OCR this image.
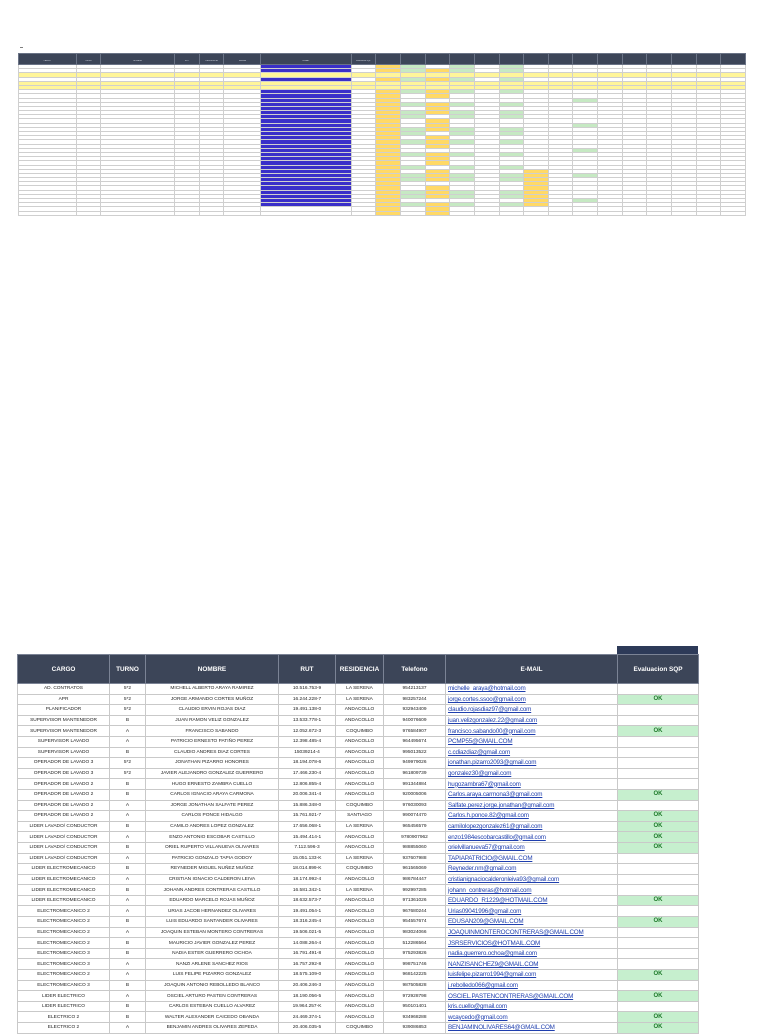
CARGO	TURNO	NOMBRE	RUT	RESIDENCIA	Telefono	E-MAIL	Evaluacion SQP															

CARGO	TURNO	NOMBRE	RUT	RESIDENCIA	Telefono	E-MAIL	Evaluacion SQP
AD. CONTRATOS	5*2	MICHELL ALBERTO ARAYA RAMIREZ	10.516.753-9	LA SERENA	954213137	michelle_araya@hotmail.com	
APR	5*2	JORGE ARMANDO CORTES MUÑOZ	16.244.228-7	LA SERENA	983257244	jorge.cortes.ssoo@gmail.com	OK
PLANIFICADOR	5*2	CLAUDIO ERVIN ROJAS DIAZ	19.491.138-0	ANDACOLLO	932943409	claudio.rojasdiaz97@gmail.com	
SUPERVISOR MANTENEDOR	B	JUAN RAMON VELIZ GONZALEZ	13.533.778-1	ANDACOLLO	940076609	juan.velizgonzalez.22@gmail.com	
SUPERVISOR MANTENEDOR	A	FRANCISCO SABANDO	12.052.672-3	COQUIMBO	976584907	francisco.sabando00@gmail.com	OK
SUPERVISOR LAVADO	A	PATRICIO ERNESTO PATIÑO PEREZ	12.398.485-4	ANDACOLLO	964495674	PCMP55@GMAIL.COM	
SUPERVISOR LAVADO	B	CLAUDIO ANDRES DIAZ CORTES	15039214-4	ANDACOLLO	995013522	c.cdiazdiaz@gmail.com	
OPERADOR DE LAVADO 3	5*2	JONATHAN PIZARRO HONORES	18.194.078-6	ANDACOLLO	949979026	jonathan.pizarro2093@gmail.com	
OPERADOR DE LAVADO 3	5*2	JAVIER ALEJANDRO GONZALEZ GUERRERO	17.466.230-4	ANDACOLLO	961809739	gonzalez30@gmail.com	
OPERADOR DE LAVADO 2	B	HUGO ERNESTO ZAMBRA CUELLO	12.806.855-4	ANDACOLLO	991344884	hugozambra67@gmail.com	
OPERADOR DE LAVADO 2	B	CARLOS IGNACIO ARAYA CARMONA	20.006.341-4	ANDACOLLO	920005006	Carlos.araya.carmona3@gmail.com	OK
OPERADOR DE LAVADO 2	A	JORGE JONATHAN SALFATE PEREZ	15.886.348-0	COQUIMBO	976030093	Salfate.perez.jorge.jonathan@gmail.com	
OPERADOR DE LAVADO 2	A	CARLOS PONCE HIDALGO	15.761.921-7	SANTIAGO	990074470	Carlos.h.ponce.82@gmail.com	OK
LIDER LAVADO/ CONDUCTOR	B	CAMILO ANDRES LOPEZ GONZALEZ	17.656.068-1	LA SERENA	965456579	camilolopezgonzalez61@gmail.com	OK
LIDER LAVADO/ CONDUCTOR	A	ENZO ANTONIO ESCOBAR CASTILLO	15.494.414-1	ANDACOLLO	978090796​2	enzo1984escobarcastillo@gmail.com	OK
LIDER LAVADO/ CONDUCTOR	B	ORIEL RUPERTO VILLANUEVA OLIVARES	7.112.596-3	ANDACOLLO	988855060	orielvillanueva57@gmail.com	OK
LIDER LAVADO/ CONDUCTOR	A	PATRICIO GONZALO TAPIA GODOY	15.051.133-K	LA SERENA	937607988	TAPIAPATRICIO@GMAIL.COM	
LIDER ELECTROMECANICO	B	REYNEDER MIGUEL NUÑEZ MUÑOZ	18.014.899-K	COQUIMBO	961565069	Reyneder.nm@gmail.com	
LIDER ELECTROMECANICO	A	CRISTIAN IGNACIO CALDERON LEIVA	18.174.992-4	ANDACOLLO	986784447	cristianignaciocalderonleiva93@gmail.com	
LIDER ELECTROMECANICO	B	JOHANN ANDRES CONTRERAS CASTILLO	16.581.342-1	LA SERENA	992997285	johann_contreras@hotmail.com	
LIDER ELECTROMECANICO	A	EDUARDO MARCELO ROJAS MUÑOZ	18.632.573-7	ANDACOLLO	971361026	EDUARDO_R1229@HOTMAIL.COM	OK
ELECTROMECANICO 2	A	URIAS JACOB HERNANDEZ OLIVARES	19.491.054-1	ANDACOLLO	967680244	Urias09041996@gmail.com	
ELECTROMECANICO 2	B	LUIS EDUARDO SANTANDER OLIVARES	18.316.245-4	ANDACOLLO	954557674	EDUSAN209@GMAIL.COM	OK
ELECTROMECANICO 2	A	JOAQUIN ESTEBAN MONTERO CONTRERAS	19.506.021-5	ANDACOLLO	983024066	JOAQUINMONTEROCONTRERAS@GMAIL.COM	
ELECTROMECANICO 2	B	MAURICIO JAVIER GONZALEZ PEREZ	14.088.264-4	ANDACOLLO	512286564	JSRSERVICIOS@HOTMAIL.COM	
ELECTROMECANICO 3	B	NADIA ESTER GUERRERO OCHOA	16.791.491-8	ANDACOLLO	975293826	nadia.guerrero.ochoa@gmail.com	
ELECTROMECANICO 3	A	NANZI ARLENE SANCHEZ RIOS	16.757.292-8	ANDACOLLO	998751746	NANZISANCHEZ9@GMAIL.COM	
ELECTROMECANICO 2	A	LUIS FELIPE PIZARRO GONZALEZ	18.575.109-0	ANDACOLLO	968142225	luisfelipe.pizarro1994@gmail.com	OK
ELECTROMECANICO 3	B	JOAQUIN ANTONIO REBOLLEDO BLANCO	20.406.246-3	ANDACOLLO	987505828	j.rebolledo066@gmail.com	
LIDER ELECTRICO	A	OSCIEL ARTURO PASTEN CONTRERAS	18.190.056-5	ANDACOLLO	972928798	OSCIEL.PASTENCONTRERAS@GMAIL.COM	OK
LIDER ELECTRICO	B	CARLOS ESTEBAN CUELLO ALVAREZ	19.964.257-K	ANDACOLLO	950101401	kris.cuello@gmail.com	
ELECTRICO 2	B	WALTER ALEXANDER CAICEDO OBANDA	24.469.374-1	ANDACOLLO	934968288	wcaycedo@gmail.com	OK
ELECTRICO 2	A	BENJAMIN ANDRES OLIVARES ZEPEDA	20.406.035-5	COQUIMBO	939086853	BENJAMINOLIVARES64@GMAIL.COM	OK
